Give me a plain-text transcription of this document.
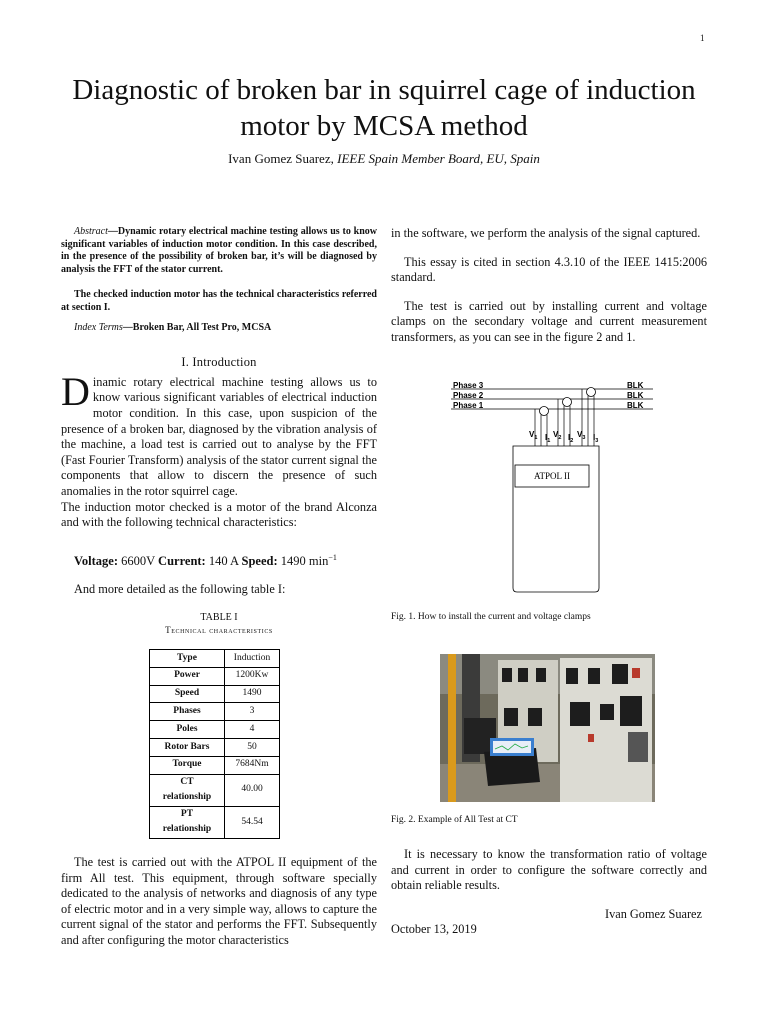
1
Diagnostic of broken bar in squirrel cage of induction motor by MCSA method
Ivan Gomez Suarez, IEEE Spain Member Board, EU, Spain

Abstract—Dynamic rotary electrical machine testing allows us to know significant variables of induction motor condition. In this case described, in the presence of the possibility of broken bar, it’s will be diagnosed by analysis the FFT of the stator current.

The checked induction motor has the technical characteristics referred at section I.

Index Terms—Broken Bar, All Test Pro, MCSA

I. Introduction

Dinamic rotary electrical machine testing allows us to know various significant variables of electrical induction motor condition. In this case, upon suspicion of the presence of a broken bar, diagnosed by the vibration analysis of the machine, a load test is carried out to analyse by the FFT (Fast Fourier Transform) analysis of the stator current signal the components that allow to discern the presence of such anomalies in the rotor squirrel cage.

The induction motor checked is a motor of the brand Alconza and with the following technical characteristics:

Voltage: 6600V Current: 140 A Speed: 1490 $\min^{-1}$

And more detailed as the following table I:

TABLE I
Technical characteristics
Type	Induction
Power	1200Kw
Speed	1490
Phases	3
Poles	4
Rotor Bars	50
Torque	7684Nm
CT relationship	40.00
PT relationship	54.54

The test is carried out with the ATPOL II equipment of the firm All test. This equipment, through software specially dedicated to the analysis of networks and diagnosis of any type of electric motor and in a very simple way, allows to capture the current signal of the stator and performs the FFT. Subsequently and after configuring the motor characteristics

in the software, we perform the analysis of the signal captured.

This essay is cited in section 4.3.10 of the IEEE 1415:2006 standard.

The test is carried out by installing current and voltage clamps on the secondary voltage and current measurement transformers, as you can see in the figure 2 and 1.

Phase 3
Phase 2
Phase 1
BLK
BLK
BLK
$V_1$ $I_1$
$V_2$ $I_2$
$V_3$ $I_3$
ATPOL II
Fig. 1. How to install the current and voltage clamps
Fig. 2. Example of All Test at CT
It is necessary to know the transformation ratio of voltage and current in order to configure the software correctly and obtain reliable results.
Ivan Gomez Suarez
October 13, 2019
